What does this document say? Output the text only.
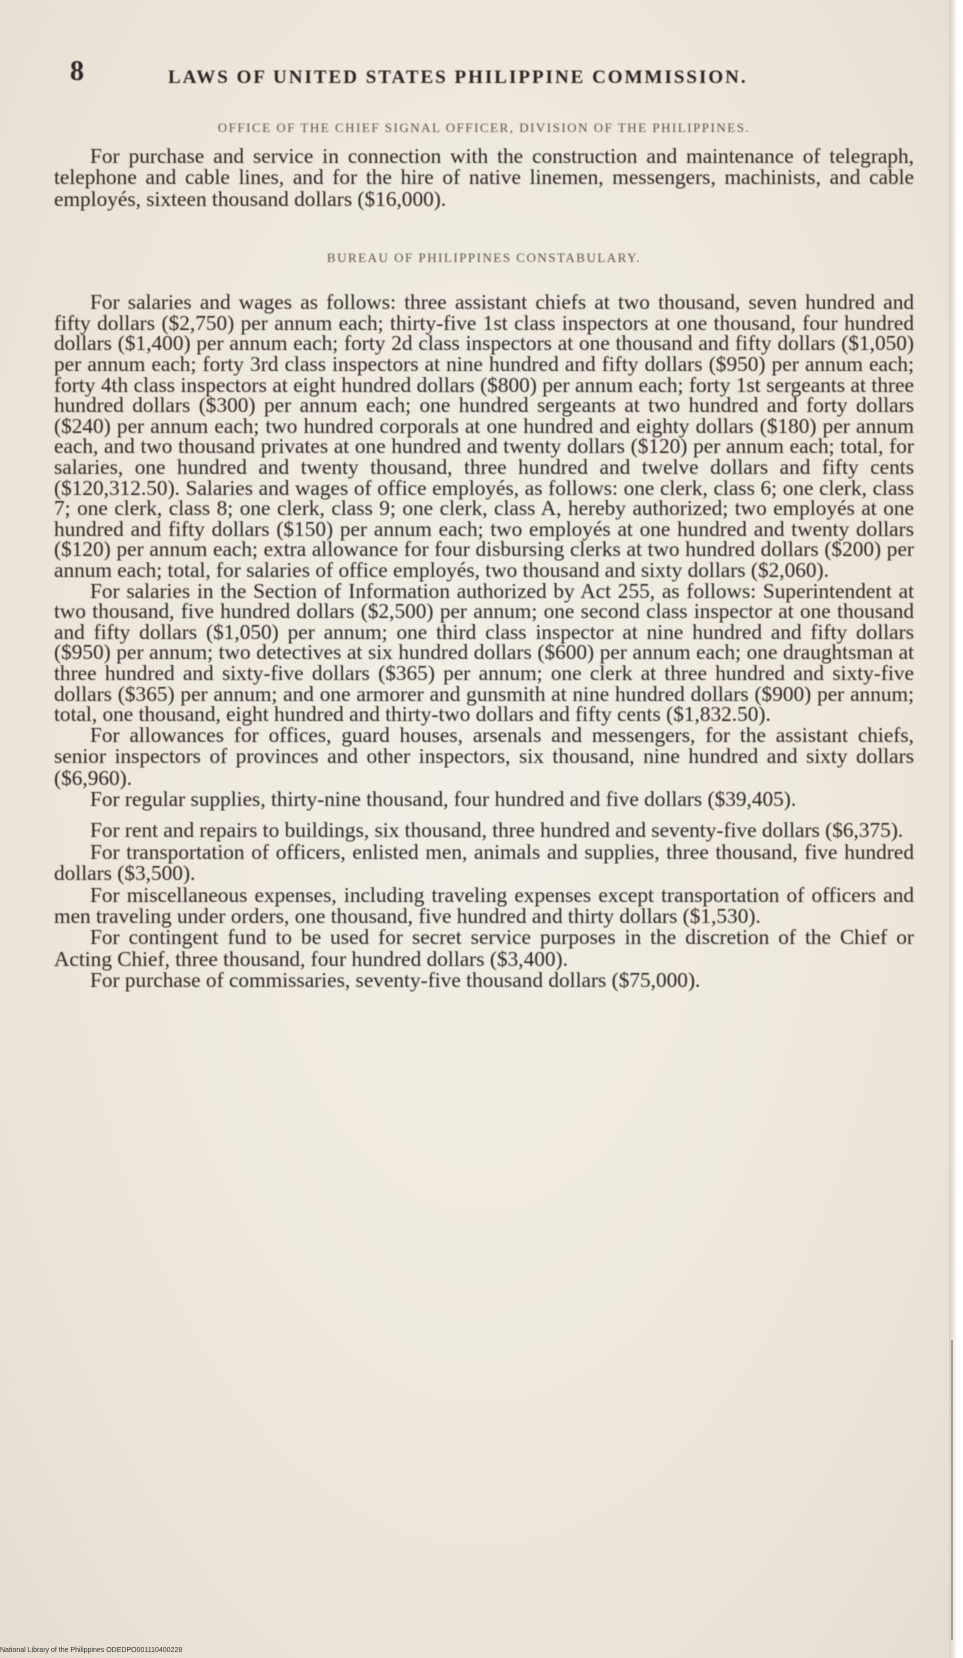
8	LAWS OF UNITED STATES PHILIPPINE COMMISSION.
OFFICE OF THE CHIEF SIGNAL OFFICER, DIVISION OF THE PHILIPPINES.

For purchase and service in connection with the construction and maintenance of telegraph, telephone and cable lines, and for the hire of native linemen, messengers, machinists, and cable employés, sixteen thousand dollars ($16,000).

BUREAU OF PHILIPPINES CONSTABULARY.

For salaries and wages as follows: three assistant chiefs at two thousand, seven hundred and fifty dollars ($2,750) per annum each; thirty-five 1st class inspectors at one thousand, four hundred dollars ($1,400) per annum each; forty 2d class inspectors at one thousand and fifty dollars ($1,050) per annum each; forty 3rd class inspectors at nine hundred and fifty dollars ($950) per annum each; forty 4th class inspectors at eight hundred dollars ($800) per annum each; forty 1st sergeants at three hundred dollars ($300) per annum each; one hundred sergeants at two hundred and forty dollars ($240) per annum each; two hundred corporals at one hundred and eighty dollars ($180) per annum each, and two thousand privates at one hundred and twenty dollars ($120) per annum each; total, for salaries, one hundred and twenty thousand, three hundred and twelve dollars and fifty cents ($120,312.50). Salaries and wages of office employés, as follows: one clerk, class 6; one clerk, class 7; one clerk, class 8; one clerk, class 9; one clerk, class A, hereby authorized; two employés at one hundred and fifty dollars ($150) per annum each; two employés at one hundred and twenty dollars ($120) per annum each; extra allowance for four disbursing clerks at two hundred dollars ($200) per annum each; total, for salaries of office employés, two thousand and sixty dollars ($2,060).

For salaries in the Section of Information authorized by Act 255, as follows: Superintendent at two thousand, five hundred dollars ($2,500) per annum; one second class inspector at one thousand and fifty dollars ($1,050) per annum; one third class inspector at nine hundred and fifty dollars ($950) per annum; two detectives at six hundred dollars ($600) per annum each; one draughtsman at three hundred and sixty-five dollars ($365) per annum; one clerk at three hundred and sixty-five dollars ($365) per annum; and one armorer and gunsmith at nine hundred dollars ($900) per annum; total, one thousand, eight hundred and thirty-two dollars and fifty cents ($1,832.50).

For allowances for offices, guard houses, arsenals and messengers, for the assistant chiefs, senior inspectors of provinces and other inspectors, six thousand, nine hundred and sixty dollars ($6,960).

For regular supplies, thirty-nine thousand, four hundred and five dollars ($39,405).

For rent and repairs to buildings, six thousand, three hundred and seventy-five dollars ($6,375).

For transportation of officers, enlisted men, animals and supplies, three thousand, five hundred dollars ($3,500).

For miscellaneous expenses, including traveling expenses except transportation of officers and men traveling under orders, one thousand, five hundred and thirty dollars ($1,530).

For contingent fund to be used for secret service purposes in the discretion of the Chief or Acting Chief, three thousand, four hundred dollars ($3,400).

For purchase of commissaries, seventy-five thousand dollars ($75,000).

National Library of the Philippines ODEDPO001110400228
